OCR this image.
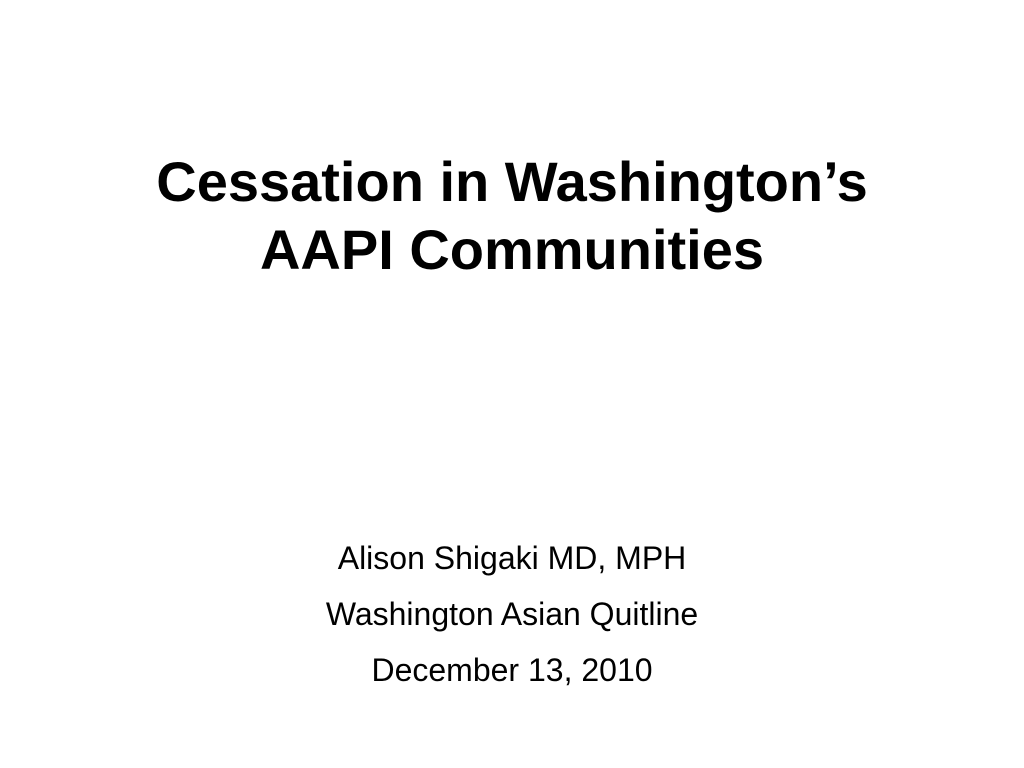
Cessation in Washington’s
AAPI Communities
Alison Shigaki MD, MPH
Washington Asian Quitline
December 13, 2010
